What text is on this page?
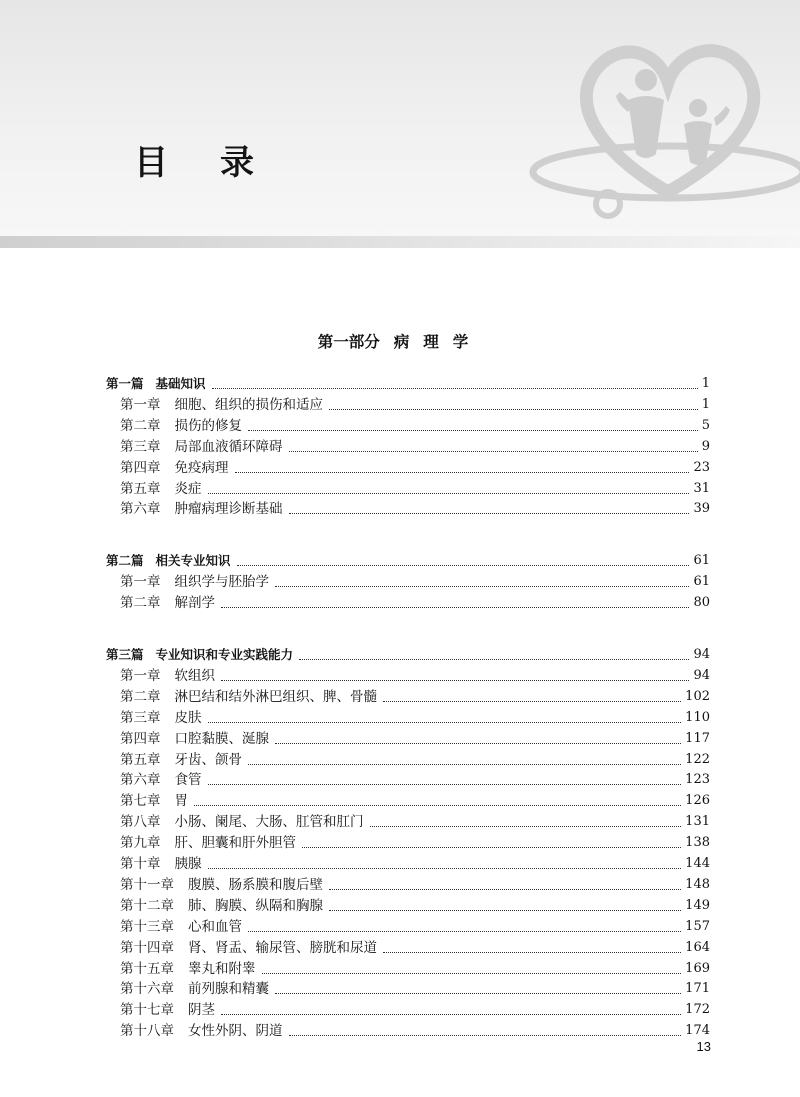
目录
第一部分 病理学
第一篇 基础知识	1
第一章 细胞、组织的损伤和适应	1
第二章 损伤的修复	5
第三章 局部血液循环障碍	9
第四章 免疫病理	23
第五章 炎症	31
第六章 肿瘤病理诊断基础	39
第二篇 相关专业知识	61
第一章 组织学与胚胎学	61
第二章 解剖学	80
第三篇 专业知识和专业实践能力	94
第一章 软组织	94
第二章 淋巴结和结外淋巴组织、脾、骨髓	102
第三章 皮肤	110
第四章 口腔黏膜、涎腺	117
第五章 牙齿、颌骨	122
第六章 食管	123
第七章 胃	126
第八章 小肠、阑尾、大肠、肛管和肛门	131
第九章 肝、胆囊和肝外胆管	138
第十章 胰腺	144
第十一章 腹膜、肠系膜和腹后壁	148
第十二章 肺、胸膜、纵隔和胸腺	149
第十三章 心和血管	157
第十四章 肾、肾盂、输尿管、膀胱和尿道	164
第十五章 睾丸和附睾	169
第十六章 前列腺和精囊	171
第十七章 阴茎	172
第十八章 女性外阴、阴道	174
13
